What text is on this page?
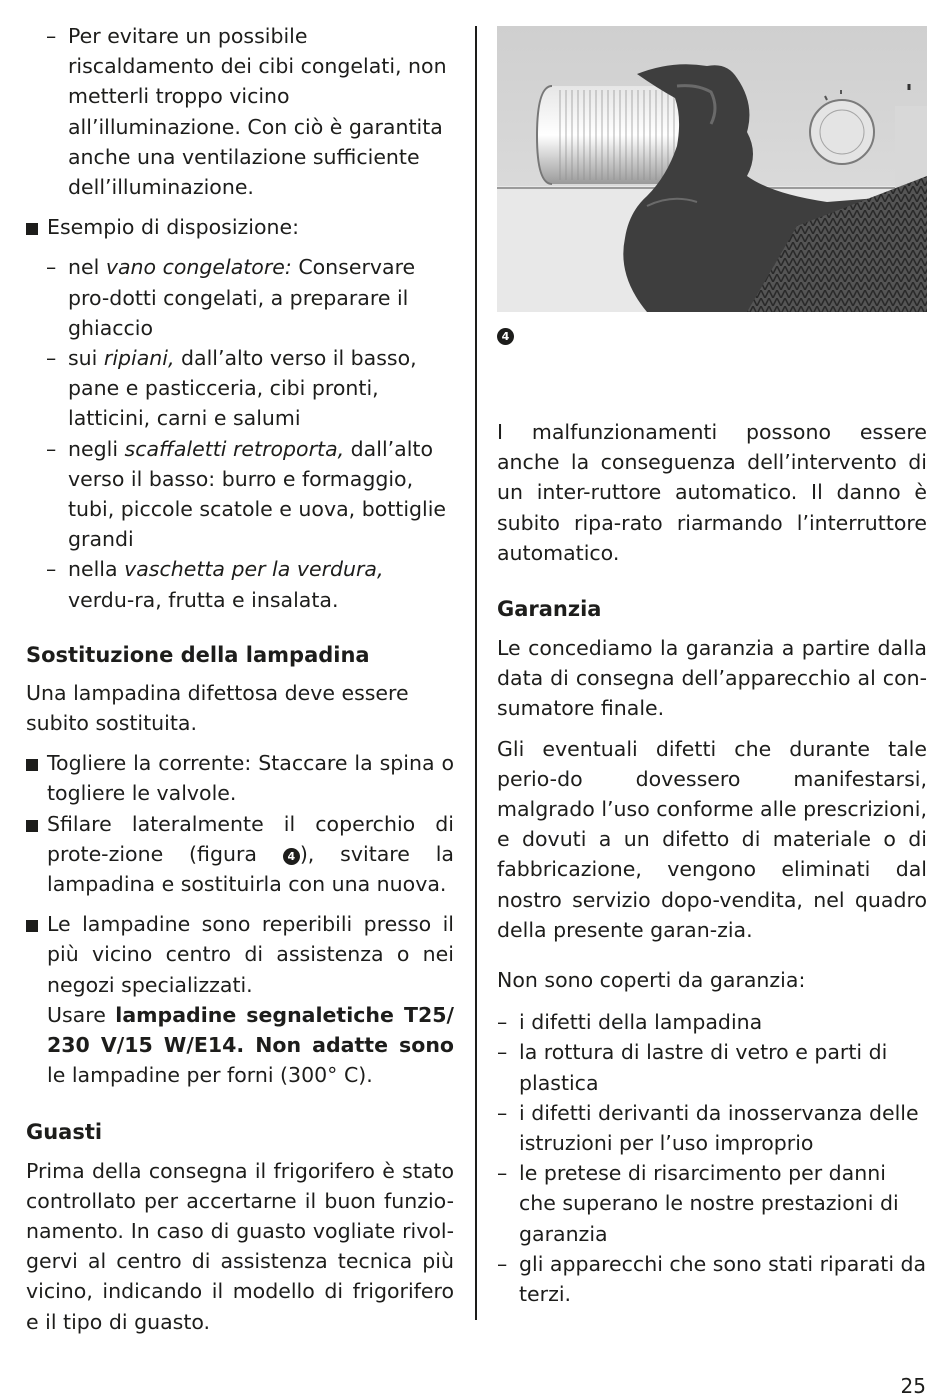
– Per evitare un possibile riscaldamento dei cibi congelati, non metterli troppo vicino all’illuminazione. Con ciò è garantita anche una ventilazione sufficiente dell’illuminazione.
Esempio di disposizione:
– nel vano congelatore: Conservare pro-dotti congelati, a preparare il ghiaccio
– sui ripiani, dall’alto verso il basso, pane e pasticceria, cibi pronti, latticini, carni e salumi
– negli scaffaletti retroporta, dall’alto verso il basso: burro e formaggio, tubi, piccole scatole e uova, bottiglie grandi
– nella vaschetta per la verdura, verdu-ra, frutta e insalata.
Sostituzione della lampadina

Una lampadina difettosa deve essere subito sostituita.

Togliere la corrente: Staccare la spina o togliere le valvole.
Sfilare lateralmente il coperchio di prote-zione (figura 4 ), svitare la lampadina e sostituirla con una nuova.
Le lampadine sono reperibili presso il più vicino centro di assistenza o nei negozi specializzati.
Usare lampadine segnaletiche T25/ 230 V/15 W/E14. Non adatte sono le lampadine per forni (300° C).
Guasti

Prima della consegna il frigorifero è stato controllato per accertarne il buon funzio-namento. In caso di guasto vogliate rivol-gervi al centro di assistenza tecnica più vicino, indicando il modello di frigorifero e il tipo di guasto.

4

I malfunzionamenti possono essere anche la conseguenza dell’intervento di un inter-ruttore automatico. Il danno è subito ripa-rato riarmando l’interruttore automatico.

Garanzia

Le concediamo la garanzia a partire dalla data di consegna dell’apparecchio al con-sumatore finale.

Gli eventuali difetti che durante tale perio-do dovessero manifestarsi, malgrado l’uso conforme alle prescrizioni, e dovuti a un difetto di materiale o di fabbricazione, vengono eliminati dal nostro servizio dopo-vendita, nel quadro della presente garan-zia.

Non sono coperti da garanzia:

– i difetti della lampadina
– la rottura di lastre di vetro e parti di plastica
– i difetti derivanti da inosservanza delle istruzioni per l’uso improprio
– le pretese di risarcimento per danni che superano le nostre prestazioni di garanzia
– gli apparecchi che sono stati riparati da terzi.
25
